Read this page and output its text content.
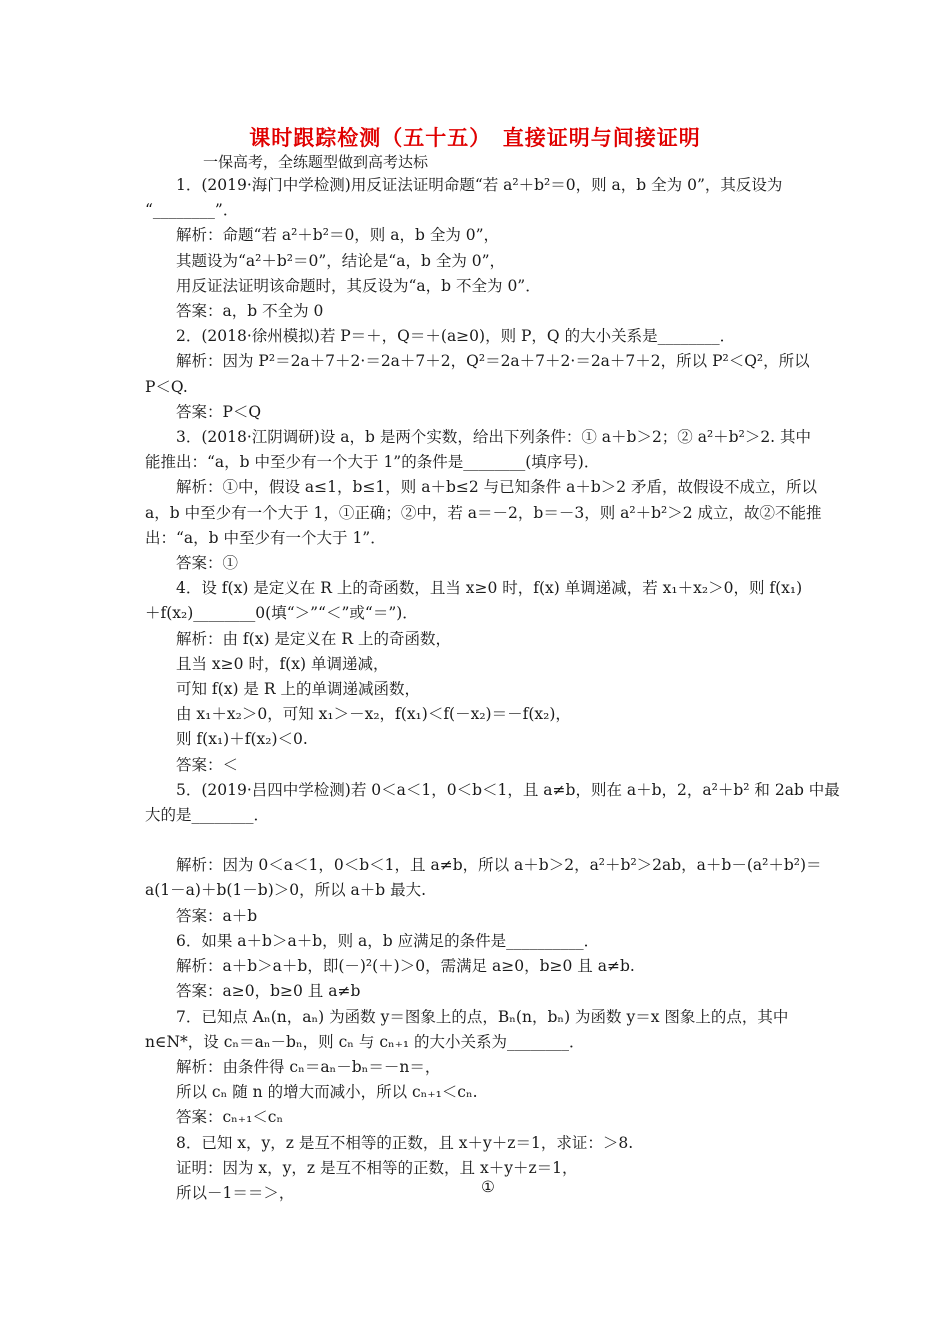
课时跟踪检测（五十五）　直接证明与间接证明
一保高考，全练题型做到高考达标
1．(2019·海门中学检测)用反证法证明命题“若 a²＋b²＝0，则 a，b 全为 0”，其反设为
“________”．
解析：命题“若 a²＋b²＝0，则 a，b 全为 0”，
其题设为“a²＋b²＝0”，结论是“a，b 全为 0”，
用反证法证明该命题时，其反设为“a，b 不全为 0”．
答案：a，b 不全为 0
2．(2018·徐州模拟)若 P＝＋，Q＝＋(a≥0)，则 P，Q 的大小关系是________．
解析：因为 P²＝2a＋7＋2·＝2a＋7＋2，Q²＝2a＋7＋2·＝2a＋7＋2，所以 P²＜Q²，所以
P＜Q.
答案：P＜Q
3．(2018·江阴调研)设 a，b 是两个实数，给出下列条件：① a＋b＞2；② a²＋b²＞2. 其中
能推出：“a，b 中至少有一个大于 1”的条件是________(填序号)．
解析：①中，假设 a≤1，b≤1，则 a＋b≤2 与已知条件 a＋b＞2 矛盾，故假设不成立，所以
a，b 中至少有一个大于 1，①正确；②中，若 a＝－2，b＝－3，则 a²＋b²＞2 成立，故②不能推
出：“a，b 中至少有一个大于 1”．
答案：①
4．设 f(x) 是定义在 R 上的奇函数，且当 x≥0 时，f(x) 单调递减，若 x₁＋x₂＞0，则 f(x₁)
＋f(x₂)________0(填“＞”“＜”或“＝”)．
解析：由 f(x) 是定义在 R 上的奇函数，
且当 x≥0 时，f(x) 单调递减，
可知 f(x) 是 R 上的单调递减函数，
由 x₁＋x₂＞0，可知 x₁＞－x₂，f(x₁)＜f(－x₂)＝－f(x₂)，
则 f(x₁)＋f(x₂)＜0.
答案：＜
5．(2019·吕四中学检测)若 0＜a＜1，0＜b＜1，且 a≠b，则在 a＋b，2，a²＋b² 和 2ab 中最
大的是________．
解析：因为 0＜a＜1，0＜b＜1，且 a≠b，所以 a＋b＞2，a²＋b²＞2ab，a＋b－(a²＋b²)＝
a(1－a)＋b(1－b)＞0，所以 a＋b 最大.
答案：a＋b
6．如果 a＋b＞a＋b，则 a，b 应满足的条件是__________．
解析：a＋b＞a＋b，即(－)²(＋)＞0，需满足 a≥0，b≥0 且 a≠b.
答案：a≥0，b≥0 且 a≠b
7．已知点 Aₙ(n，aₙ) 为函数 y＝图象上的点，Bₙ(n，bₙ) 为函数 y＝x 图象上的点，其中
n∈N*，设 cₙ＝aₙ－bₙ，则 cₙ 与 cₙ₊₁ 的大小关系为________．
解析：由条件得 cₙ＝aₙ－bₙ＝－n＝，
所以 cₙ 随 n 的增大而减小，所以 cₙ₊₁＜cₙ.
答案：cₙ₊₁＜cₙ
8．已知 x，y，z 是互不相等的正数，且 x＋y＋z＝1，求证：＞8.
证明：因为 x，y，z 是互不相等的正数，且 x＋y＋z＝1，
所以－1＝＝＞，	①
